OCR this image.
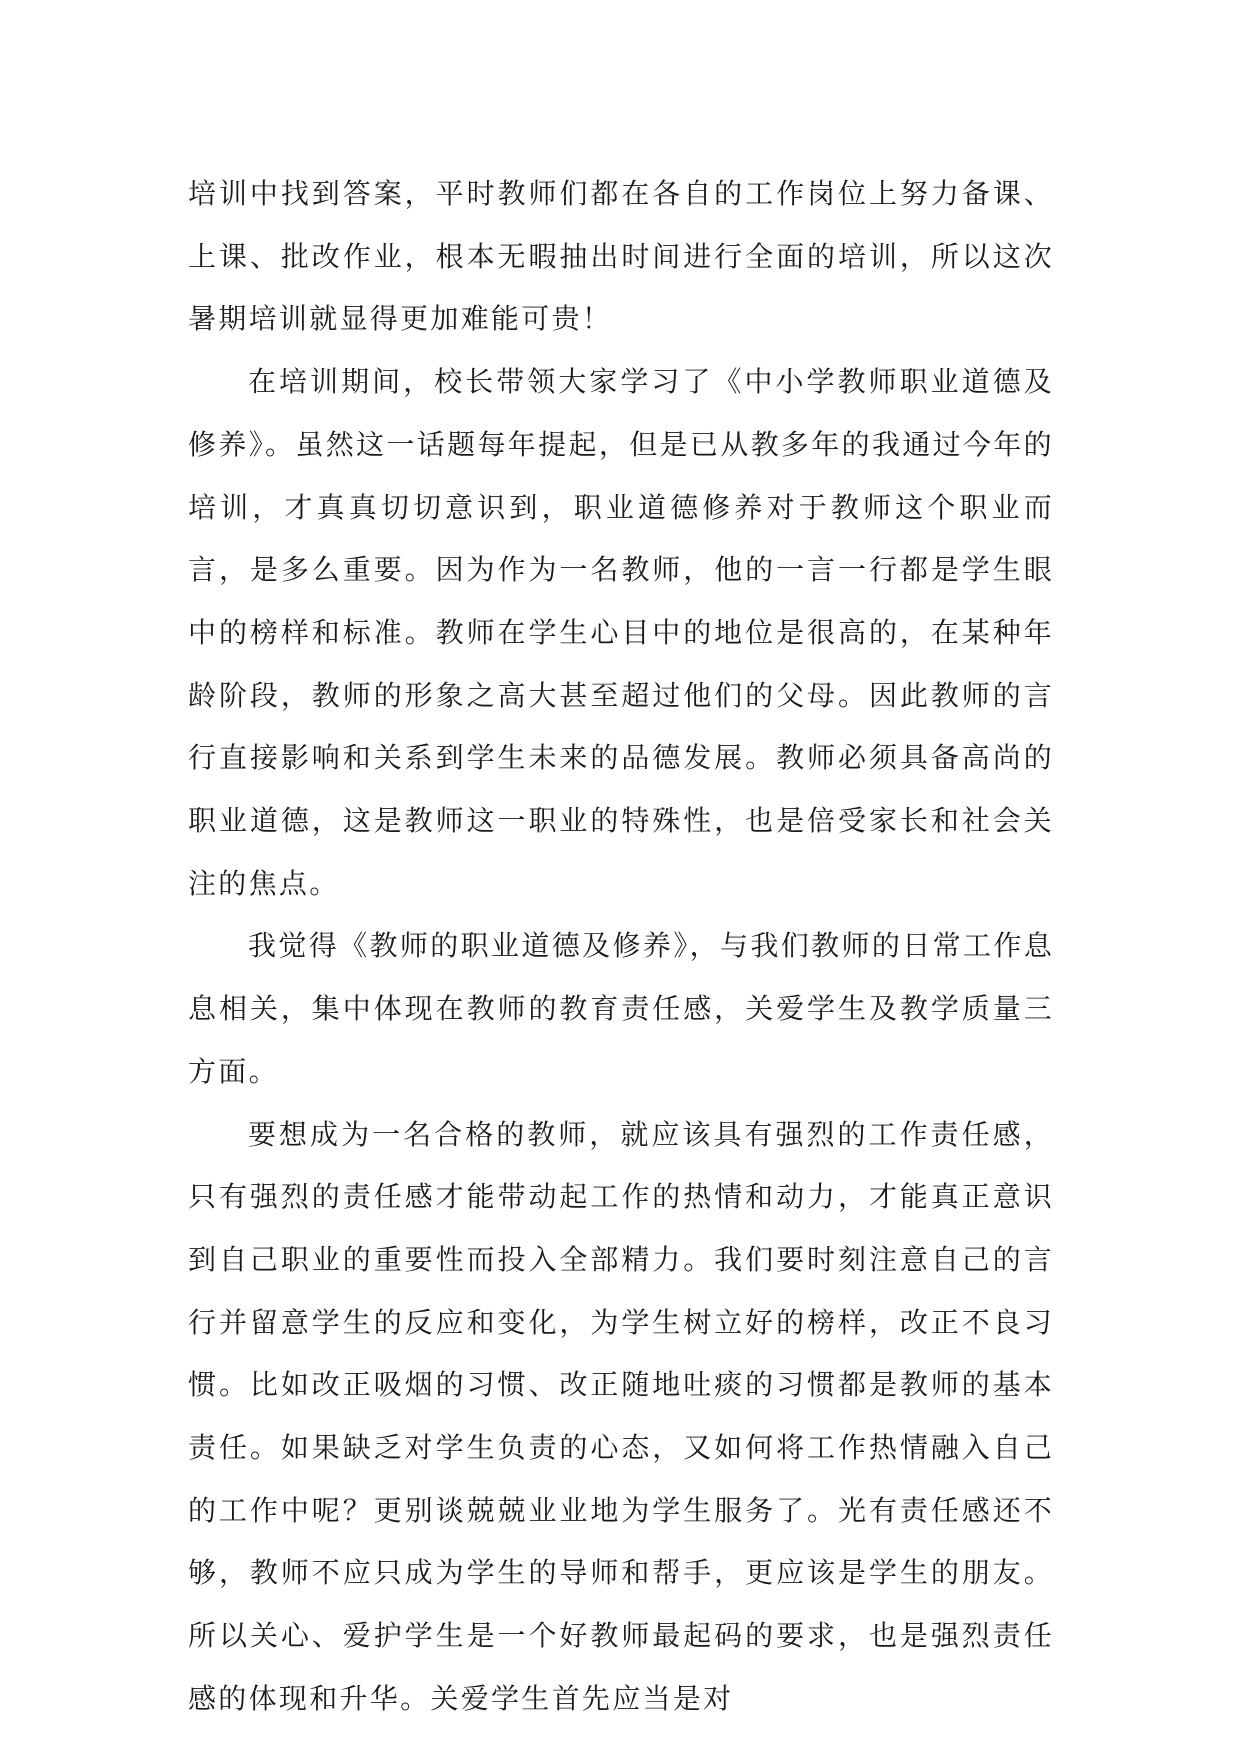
培训中找到答案，平时教师们都在各自的工作岗位上努力备课、上课、批改作业，根本无暇抽出时间进行全面的培训，所以这次暑期培训就显得更加难能可贵！

在培训期间，校长带领大家学习了《中小学教师职业道德及修养》。虽然这一话题每年提起，但是已从教多年的我通过今年的培训，才真真切切意识到，职业道德修养对于教师这个职业而言，是多么重要。因为作为一名教师，他的一言一行都是学生眼中的榜样和标准。教师在学生心目中的地位是很高的，在某种年龄阶段，教师的形象之高大甚至超过他们的父母。因此教师的言行直接影响和关系到学生未来的品德发展。教师必须具备高尚的职业道德，这是教师这一职业的特殊性，也是倍受家长和社会关注的焦点。

我觉得《教师的职业道德及修养》，与我们教师的日常工作息息相关，集中体现在教师的教育责任感，关爱学生及教学质量三方面。

要想成为一名合格的教师，就应该具有强烈的工作责任感，只有强烈的责任感才能带动起工作的热情和动力，才能真正意识到自己职业的重要性而投入全部精力。我们要时刻注意自己的言行并留意学生的反应和变化，为学生树立好的榜样，改正不良习惯。比如改正吸烟的习惯、改正随地吐痰的习惯都是教师的基本责任。如果缺乏对学生负责的心态，又如何将工作热情融入自己的工作中呢？更别谈兢兢业业地为学生服务了。光有责任感还不够，教师不应只成为学生的导师和帮手，更应该是学生的朋友。所以关心、爱护学生是一个好教师最起码的要求，也是强烈责任感的体现和升华。关爱学生首先应当是对
